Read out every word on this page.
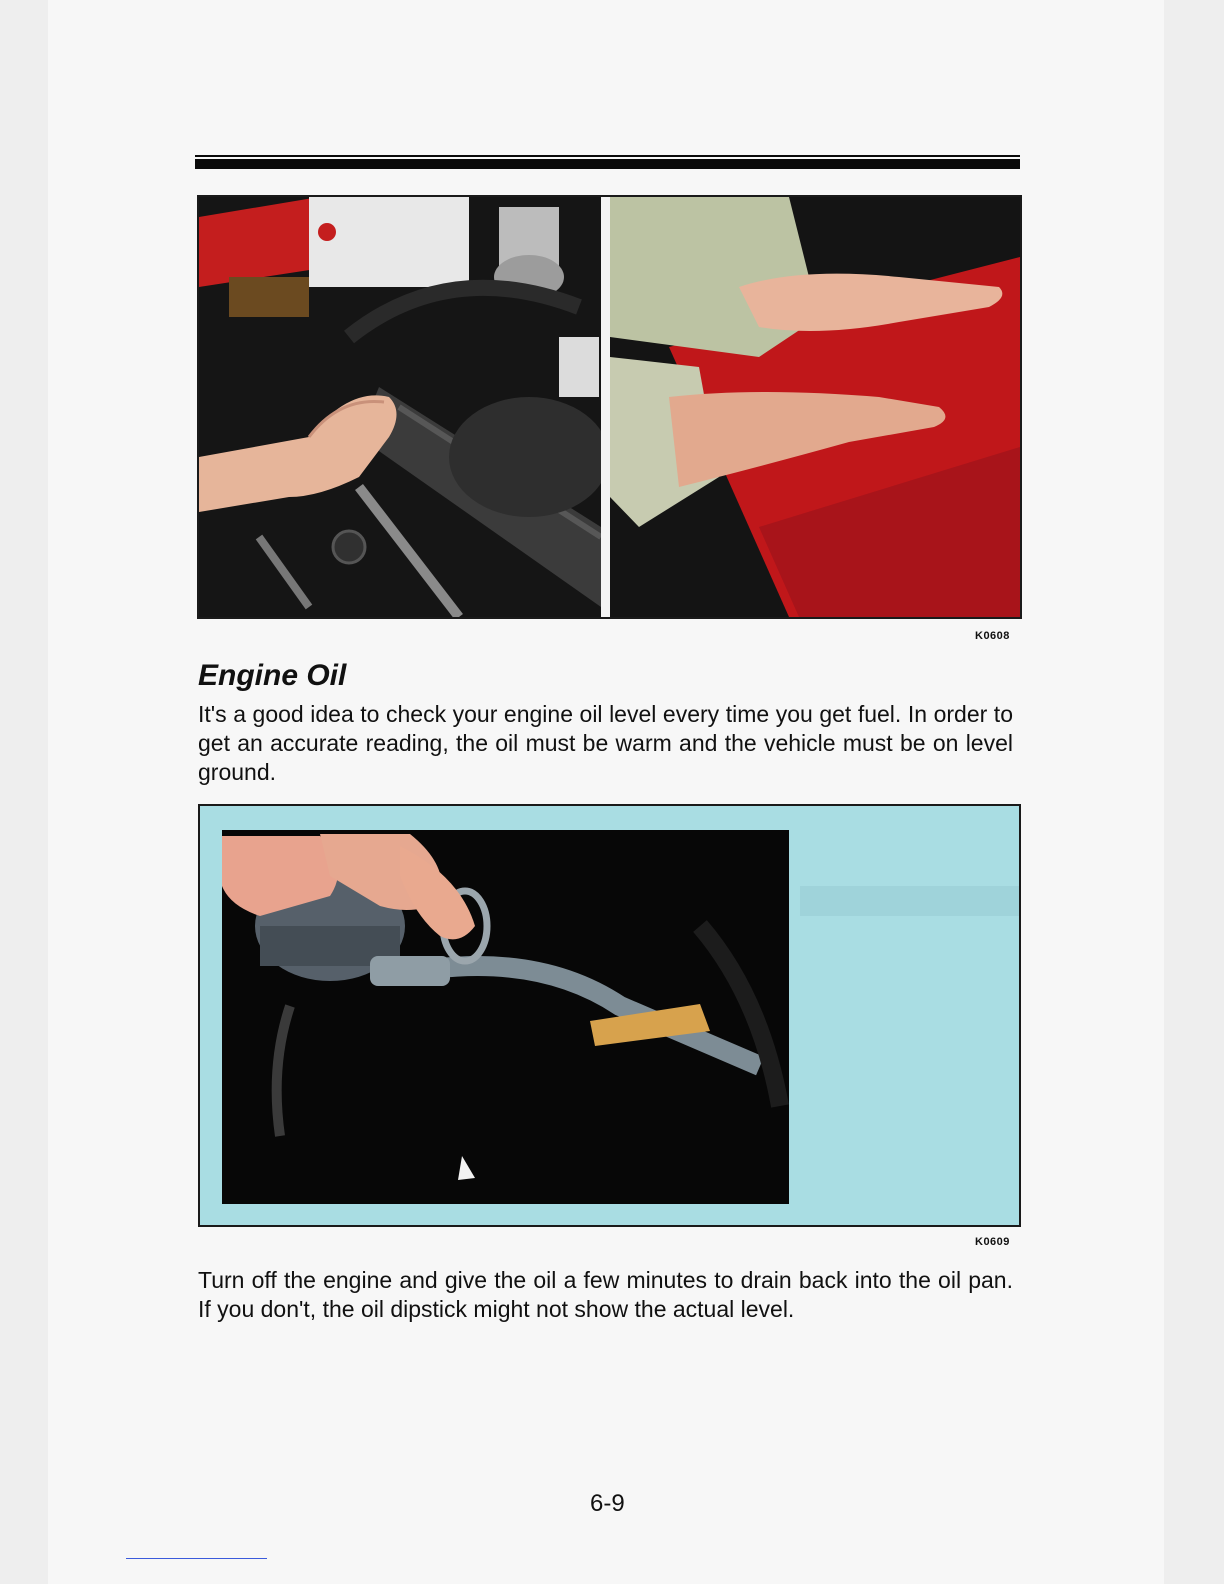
K0608
Engine Oil
It's a good idea to check your engine oil level every time you get fuel. In order to get an accurate reading, the oil must be warm and the vehicle must be on level ground.
K0609
Turn off the engine and give the oil a few minutes to drain back into the oil pan. If you don't, the oil dipstick might not show the actual level.
6-9
